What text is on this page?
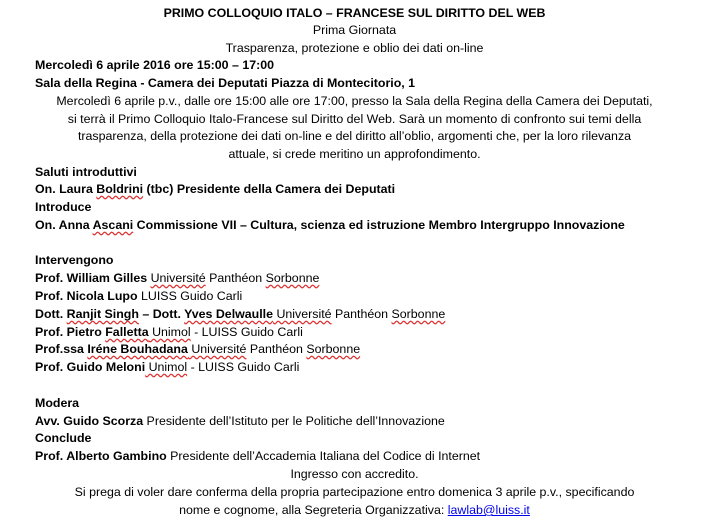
PRIMO COLLOQUIO ITALO – FRANCESE SUL DIRITTO DEL WEB
Prima Giornata
Trasparenza, protezione e oblio dei dati on-line
Mercoledì 6 aprile 2016 ore 15:00 – 17:00
Sala della Regina - Camera dei Deputati Piazza di Montecitorio, 1
Mercoledì 6 aprile p.v., dalle ore 15:00 alle ore 17:00, presso la Sala della Regina della Camera dei Deputati,
si terrà il Primo Colloquio Italo-Francese sul Diritto del Web. Sarà un momento di confronto sui temi della
trasparenza, della protezione dei dati on-line e del diritto all’oblio, argomenti che, per la loro rilevanza
attuale, si crede meritino un approfondimento.
Saluti introduttivi
On. Laura Boldrini (tbc) Presidente della Camera dei Deputati
Introduce
On. Anna Ascani Commissione VII – Cultura, scienza ed istruzione Membro Intergruppo Innovazione
Intervengono
Prof. William Gilles Université Panthéon Sorbonne
Prof. Nicola Lupo LUISS Guido Carli
Dott. Ranjit Singh – Dott. Yves Delwaulle Université Panthéon Sorbonne
Prof. Pietro Falletta Unimol - LUISS Guido Carli
Prof.ssa Iréne Bouhadana Université Panthéon Sorbonne
Prof. Guido Meloni Unimol - LUISS Guido Carli
Modera
Avv. Guido Scorza Presidente dell’Istituto per le Politiche dell’Innovazione
Conclude
Prof. Alberto Gambino Presidente dell’Accademia Italiana del Codice di Internet
Ingresso con accredito.
Si prega di voler dare conferma della propria partecipazione entro domenica 3 aprile p.v., specificando
nome e cognome, alla Segreteria Organizzativa: lawlab@luiss.it
